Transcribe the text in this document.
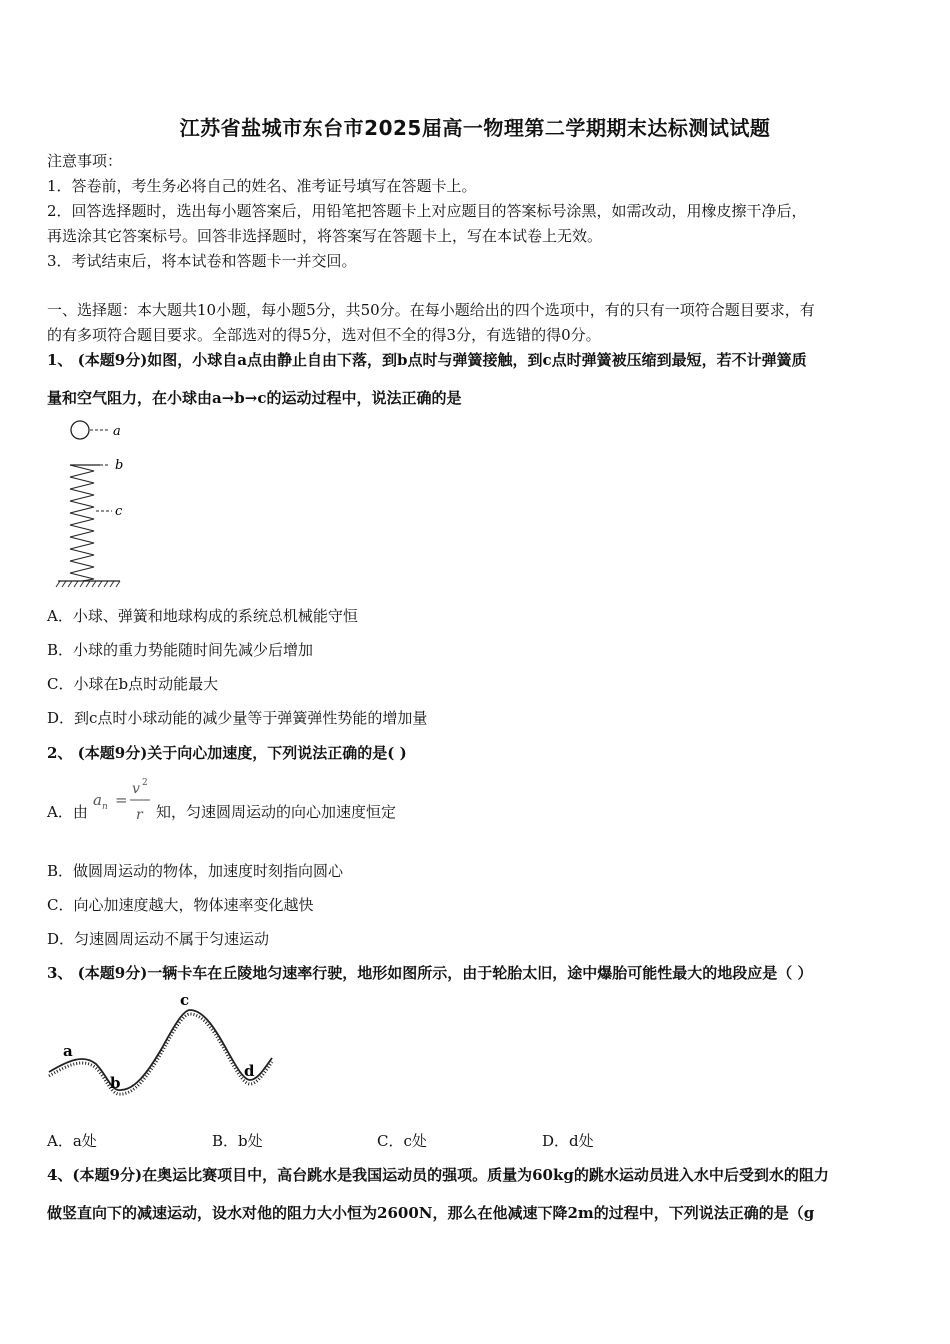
江苏省盐城市东台市2025届高一物理第二学期期末达标测试试题
注意事项：
1．答卷前，考生务必将自己的姓名、准考证号填写在答题卡上。
2．回答选择题时，选出每小题答案后，用铅笔把答题卡上对应题目的答案标号涂黑，如需改动，用橡皮擦干净后，
再选涂其它答案标号。回答非选择题时，将答案写在答题卡上，写在本试卷上无效。
3．考试结束后，将本试卷和答题卡一并交回。
一、选择题：本大题共10小题，每小题5分，共50分。在每小题给出的四个选项中，有的只有一项符合题目要求，有
的有多项符合题目要求。全部选对的得5分，选对但不全的得3分，有选错的得0分。
1、 (本题9分)如图，小球自a点由静止自由下落，到b点时与弹簧接触，到c点时弹簧被压缩到最短，若不计弹簧质
量和空气阻力，在小球由a→b→c的运动过程中，说法正确的是
a
b
c
A．小球、弹簧和地球构成的系统总机械能守恒
B．小球的重力势能随时间先减少后增加
C．小球在b点时动能最大
D．到c点时小球动能的减少量等于弹簧弹性势能的增加量
2、 (本题9分)关于向心加速度，下列说法正确的是( )
A．由
a n =
v 2
r 知，匀速圆周运动的向心加速度恒定
B．做圆周运动的物体，加速度时刻指向圆心
C．向心加速度越大，物体速率变化越快
D．匀速圆周运动不属于匀速运动
3、 (本题9分)一辆卡车在丘陵地匀速率行驶，地形如图所示，由于轮胎太旧，途中爆胎可能性最大的地段应是（ ）
a
b
c
d
A．a处	B．b处	C．c处	D．d处
4、(本题9分)在奥运比赛项目中，高台跳水是我国运动员的强项。质量为60kg的跳水运动员进入水中后受到水的阻力
做竖直向下的减速运动，设水对他的阻力大小恒为2600N，那么在他减速下降2m的过程中，下列说法正确的是（g
